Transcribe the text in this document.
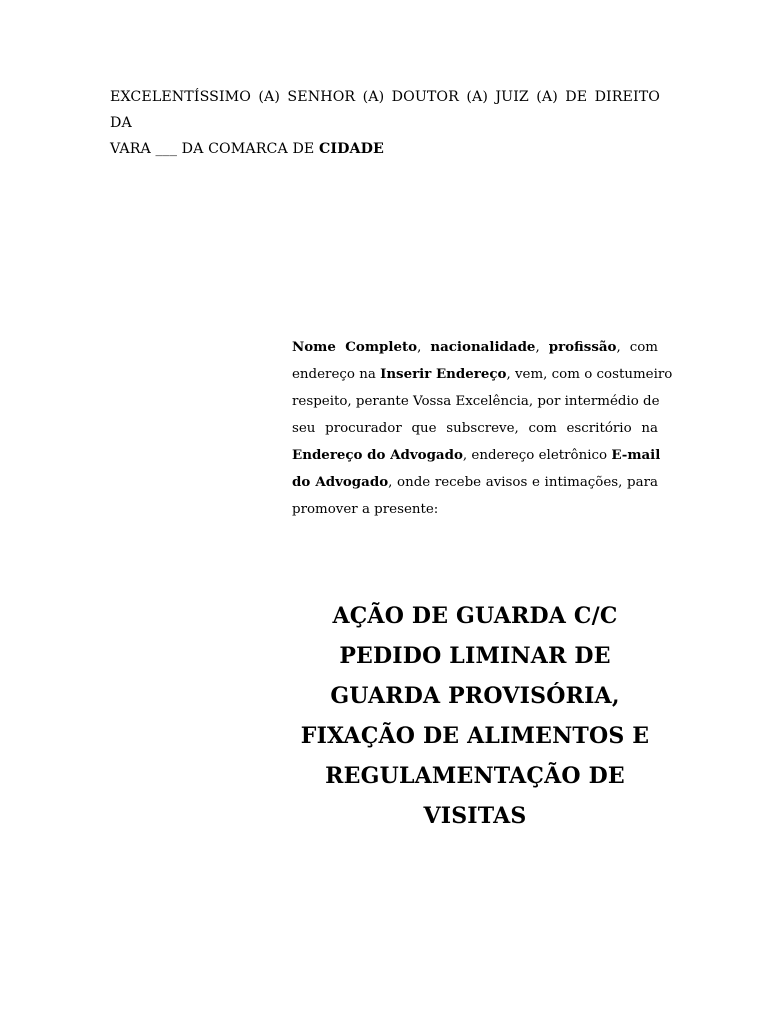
EXCELENTÍSSIMO (A) SENHOR (A) DOUTOR (A) JUIZ (A) DE DIREITO DA
VARA ___ DA COMARCA DE CIDADE
Nome Completo, nacionalidade, profissão, com
endereço na Inserir Endereço, vem, com o costumeiro
respeito, perante Vossa Excelência, por intermédio de
seu procurador que subscreve, com escritório na
Endereço do Advogado, endereço eletrônico E-mail
do Advogado, onde recebe avisos e intimações, para
promover a presente:
AÇÃO DE GUARDA C/C
PEDIDO LIMINAR DE
GUARDA PROVISÓRIA,
FIXAÇÃO DE ALIMENTOS E
REGULAMENTAÇÃO DE
VISITAS
